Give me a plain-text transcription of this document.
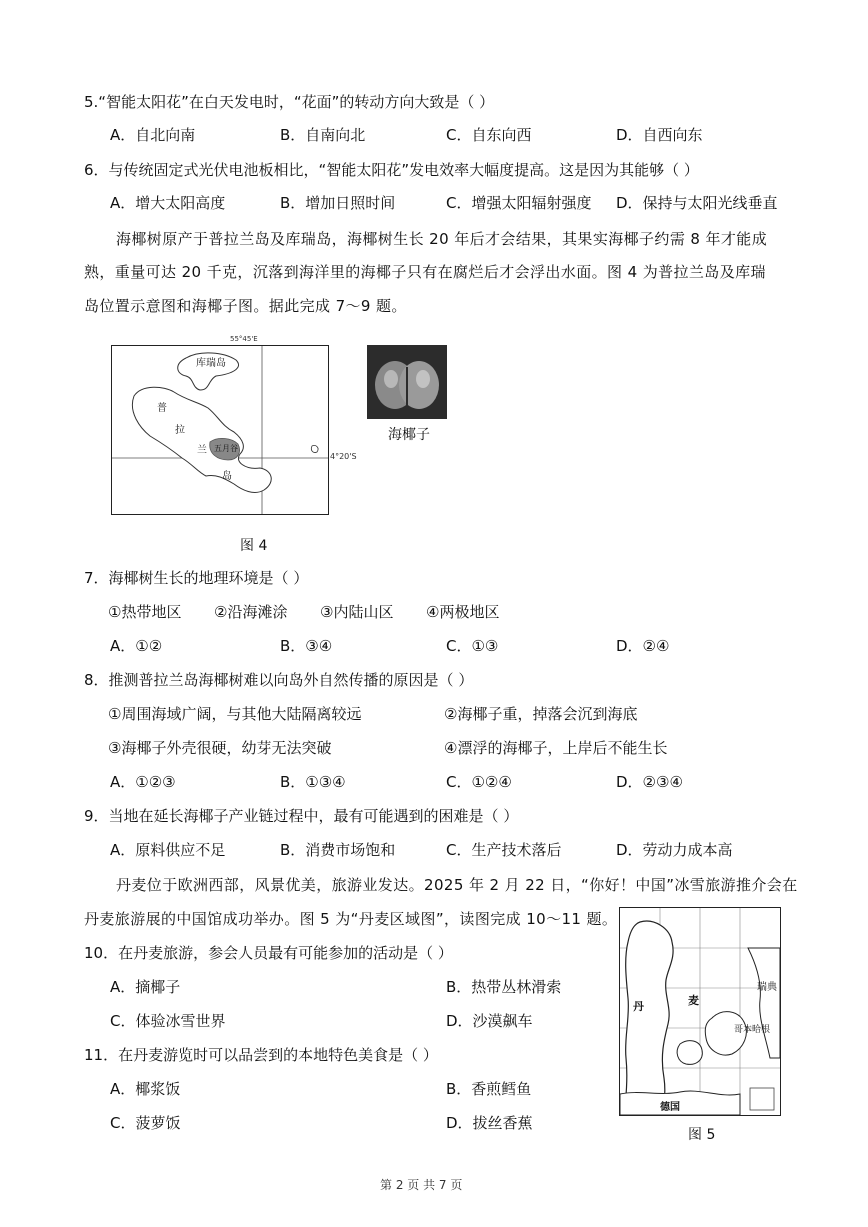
5.“智能太阳花”在白天发电时，“花面”的转动方向大致是（ ）
A．自北向南	B．自南向北	C．自东向西	D．自西向东
6．与传统固定式光伏电池板相比，“智能太阳花”发电效率大幅度提高。这是因为其能够（ ）
A．增大太阳高度	B．增加日照时间	C．增强太阳辐射强度 D．保持与太阳光线垂直
海椰树原产于普拉兰岛及库瑞岛，海椰树生长 20 年后才会结果，其果实海椰子约需 8 年才能成
熟，重量可达 20 千克，沉落到海洋里的海椰子只有在腐烂后才会浮出水面。图 4 为普拉兰岛及库瑞
岛位置示意图和海椰子图。据此完成 7～9 题。
55°45'E
4°20'S
库瑞岛
普
拉
兰
岛
五月谷
海椰子
图 4
7．海椰树生长的地理环境是（ ）
①热带地区 ②沿海滩涂 ③内陆山区 ④两极地区
A．①②	B．③④	C．①③	D．②④
8．推测普拉兰岛海椰树难以向岛外自然传播的原因是（ ）
①周围海域广阔，与其他大陆隔离较远	②海椰子重，掉落会沉到海底
③海椰子外壳很硬，幼芽无法突破	④漂浮的海椰子，上岸后不能生长
A．①②③	B．①③④	C．①②④	D．②③④
9．当地在延长海椰子产业链过程中，最有可能遇到的困难是（ ）
A．原料供应不足	B．消费市场饱和	C．生产技术落后	D．劳动力成本高
丹麦位于欧洲西部，风景优美，旅游业发达。2025 年 2 月 22 日，“你好！中国”冰雪旅游推介会在
丹麦旅游展的中国馆成功举办。图 5 为“丹麦区域图”，读图完成 10～11 题。
10．在丹麦旅游，参会人员最有可能参加的活动是（ ）
A．摘椰子	B．热带丛林滑索
C．体验冰雪世界	D．沙漠飙车
11．在丹麦游览时可以品尝到的本地特色美食是（ ）
A．椰浆饭	B．香煎鳕鱼
C．菠萝饭	D．拔丝香蕉
丹	麦
瑞典
哥本哈根
德国
图 5
第 2 页 共 7 页
